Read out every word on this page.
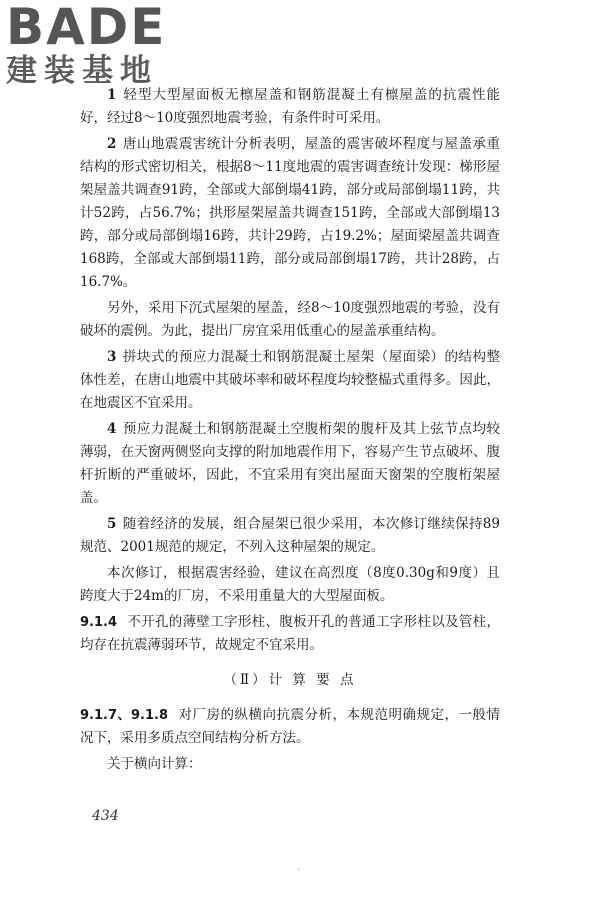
BADE
建装基地

1 轻型大型屋面板无檩屋盖和钢筋混凝土有檩屋盖的抗震性能好，经过8～10度强烈地震考验，有条件时可采用。

2 唐山地震震害统计分析表明，屋盖的震害破坏程度与屋盖承重结构的形式密切相关，根据8～11度地震的震害调查统计发现：梯形屋架屋盖共调查91跨，全部或大部倒塌41跨，部分或局部倒塌11跨，共计52跨，占56.7%；拱形屋架屋盖共调查151跨，全部或大部倒塌13跨，部分或局部倒塌16跨，共计29跨，占19.2%；屋面梁屋盖共调查168跨，全部或大部倒塌11跨，部分或局部倒塌17跨，共计28跨，占16.7%。

另外，采用下沉式屋架的屋盖，经8～10度强烈地震的考验，没有破坏的震例。为此，提出厂房宜采用低重心的屋盖承重结构。

3 拼块式的预应力混凝土和钢筋混凝土屋架（屋面梁）的结构整体性差，在唐山地震中其破坏率和破坏程度均较整榀式重得多。因此，在地震区不宜采用。

4 预应力混凝土和钢筋混凝土空腹桁架的腹杆及其上弦节点均较薄弱，在天窗两侧竖向支撑的附加地震作用下，容易产生节点破坏、腹杆折断的严重破坏，因此，不宜采用有突出屋面天窗架的空腹桁架屋盖。

5 随着经济的发展，组合屋架已很少采用，本次修订继续保持89规范、2001规范的规定，不列入这种屋架的规定。

本次修订，根据震害经验，建议在高烈度（8度0.30g和9度）且跨度大于24m的厂房，不采用重量大的大型屋面板。

9.1.4 不开孔的薄壁工字形柱、腹板开孔的普通工字形柱以及管柱，均存在抗震薄弱环节，故规定不宜采用。

（Ⅱ）计 算 要 点

9.1.7、9.1.8 对厂房的纵横向抗震分析，本规范明确规定，一般情况下，采用多质点空间结构分析方法。

关于横向计算：

434
.
